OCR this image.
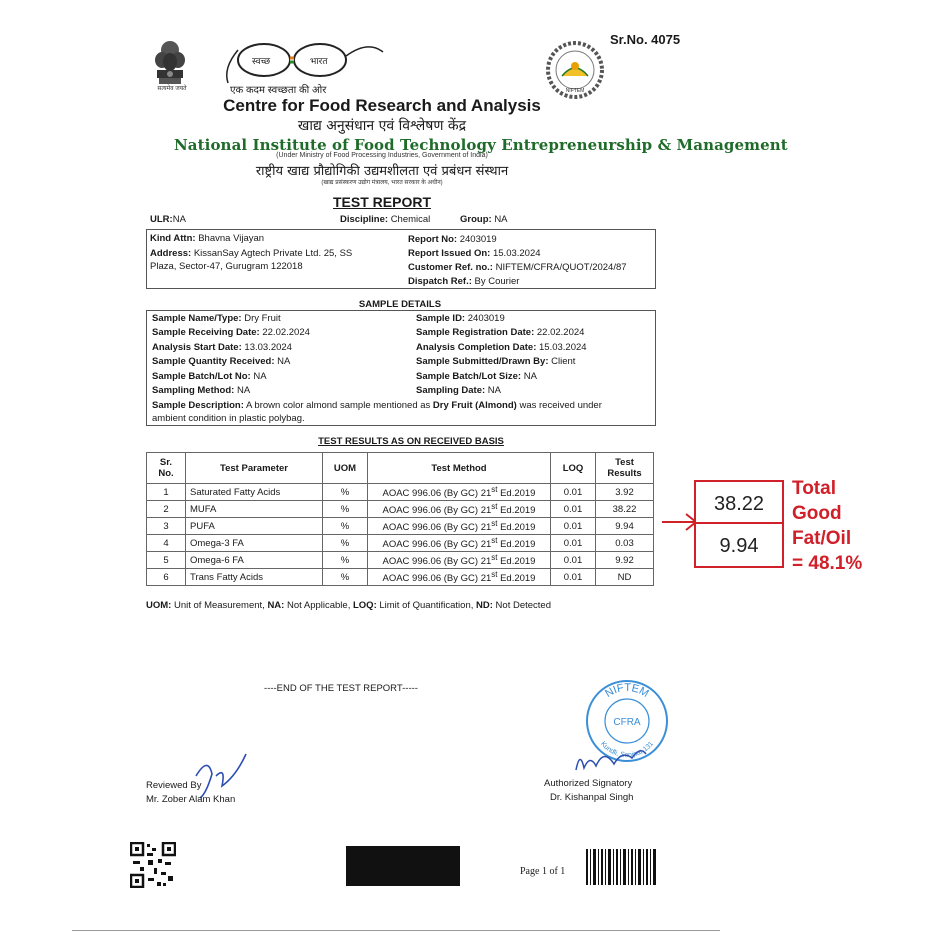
Sr.No. 4075
सत्यमेव जयते
स्वच्छ	भारत
एक कदम स्वच्छता की ओर	NIFTEM
Centre for Food Research and Analysis
खाद्य अनुसंधान एवं विश्लेषण केंद्र
National Institute of Food Technology Entrepreneurship & Management
(Under Ministry of Food Processing Industries, Government of India)
राष्ट्रीय खाद्य प्रौद्योगिकी उद्यमशीलता एवं प्रबंधन संस्थान
(खाद्य प्रसंस्करण उद्योग मंत्रालय, भारत सरकार के अधीन)
TEST REPORT
ULR:NA	Discipline: Chemical	Group: NA
Kind Attn: Bhavna Vijayan
Address: KissanSay Agtech Private Ltd. 25, SS
Plaza, Sector-47, Gurugram 122018
Report No: 2403019
Report Issued On: 15.03.2024
Customer Ref. no.: NIFTEM/CFRA/QUOT/2024/87
Dispatch Ref.: By Courier
SAMPLE DETAILS
Sample Name/Type: Dry Fruit	Sample ID: 2403019
Sample Receiving Date: 22.02.2024	Sample Registration Date: 22.02.2024
Analysis Start Date: 13.03.2024	Analysis Completion Date: 15.03.2024
Sample Quantity Received: NA	Sample Submitted/Drawn By: Client
Sample Batch/Lot No: NA	Sample Batch/Lot Size: NA
Sampling Method: NA	Sampling Date: NA
Sample Description: A brown color almond sample mentioned as Dry Fruit (Almond) was received under
ambient condition in plastic polybag.
TEST RESULTS AS ON RECEIVED BASIS
Sr. No.	Test Parameter	UOM	Test Method	LOQ	Test Results
1	Saturated Fatty Acids	%	AOAC 996.06 (By GC) 21st Ed.2019	0.01	3.92
2	MUFA	%	AOAC 996.06 (By GC) 21st Ed.2019	0.01	38.22
3	PUFA	%	AOAC 996.06 (By GC) 21st Ed.2019	0.01	9.94
4	Omega-3 FA	%	AOAC 996.06 (By GC) 21st Ed.2019	0.01	0.03
5	Omega-6 FA	%	AOAC 996.06 (By GC) 21st Ed.2019	0.01	9.92
6	Trans Fatty Acids	%	AOAC 996.06 (By GC) 21st Ed.2019	0.01	ND
UOM: Unit of Measurement, NA: Not Applicable, LOQ: Limit of Quantification, ND: Not Detected
38.22
9.94
Total
Good
Fat/Oil
= 48.1%
----END OF THE TEST REPORT-----
Reviewed By
Mr. Zober Alam Khan
NIFTEM
CFRA
Kundli, Sonipat-131
Authorized Signatory
Dr. Kishanpal Singh
Page 1 of 1
